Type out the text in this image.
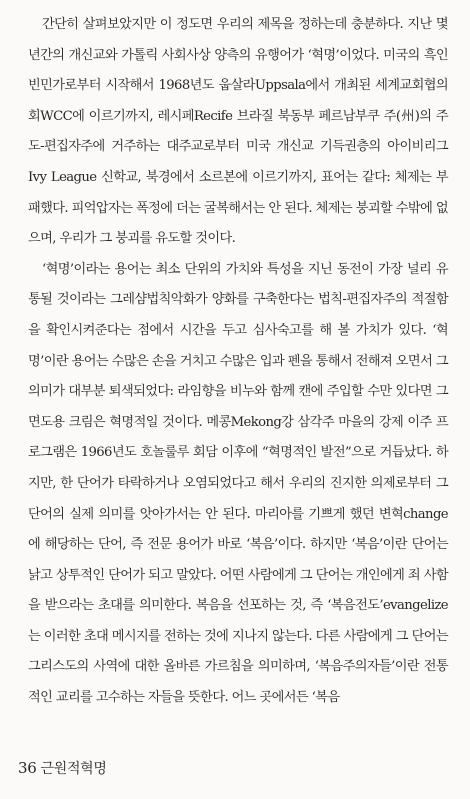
간단히 살펴보았지만 이 정도면 우리의 제목을 정하는데 충분하다. 지난 몇 년간의 개신교와 가톨릭 사회사상 양측의 유행어가 ‘혁명’이었다. 미국의 흑인 빈민가로부터 시작해서 1968년도 웁살라Uppsala에서 개최된 세계교회협의회WCC에 이르기까지, 레시페Recife 브라질 북동부 페르남부쿠 주(州)의 주도-편집자주에 거주하는 대주교로부터 미국 개신교 기득권층의 아이비리그Ivy League 신학교, 북경에서 소르본에 이르기까지, 표어는 같다: 체제는 부패했다. 피억압자는 폭정에 더는 굴복해서는 안 된다. 체제는 붕괴할 수밖에 없으며, 우리가 그 붕괴를 유도할 것이다.

‘혁명’이라는 용어는 최소 단위의 가치와 특성을 지닌 동전이 가장 널리 유통될 것이라는 그레샴법칙악화가 양화를 구축한다는 법칙-편집자주의 적절함을 확인시켜준다는 점에서 시간을 두고 심사숙고를 해 볼 가치가 있다. ‘혁명’이란 용어는 수많은 손을 거치고 수많은 입과 펜을 통해서 전해져 오면서 그 의미가 대부분 퇴색되었다: 라임향을 비누와 함께 캔에 주입할 수만 있다면 그 면도용 크림은 혁명적일 것이다. 메콩Mekong강 삼각주 마을의 강제 이주 프로그램은 1966년도 호놀룰루 회담 이후에 “혁명적인 발전”으로 거듭났다. 하지만, 한 단어가 타락하거나 오염되었다고 해서 우리의 진지한 의제로부터 그 단어의 실제 의미를 앗아가서는 안 된다. 마리아를 기쁘게 했던 변혁change에 해당하는 단어, 즉 전문 용어가 바로 ‘복음’이다. 하지만 ‘복음’이란 단어는 낡고 상투적인 단어가 되고 말았다. 어떤 사람에게 그 단어는 개인에게 죄 사함을 받으라는 초대를 의미한다. 복음을 선포하는 것, 즉 ‘복음전도’evangelize는 이러한 초대 메시지를 전하는 것에 지나지 않는다. 다른 사람에게 그 단어는 그리스도의 사역에 대한 올바른 가르침을 의미하며, ‘복음주의자들’이란 전통적인 교리를 고수하는 자들을 뜻한다. 어느 곳에서든 ‘복음

36 근원적혁명
